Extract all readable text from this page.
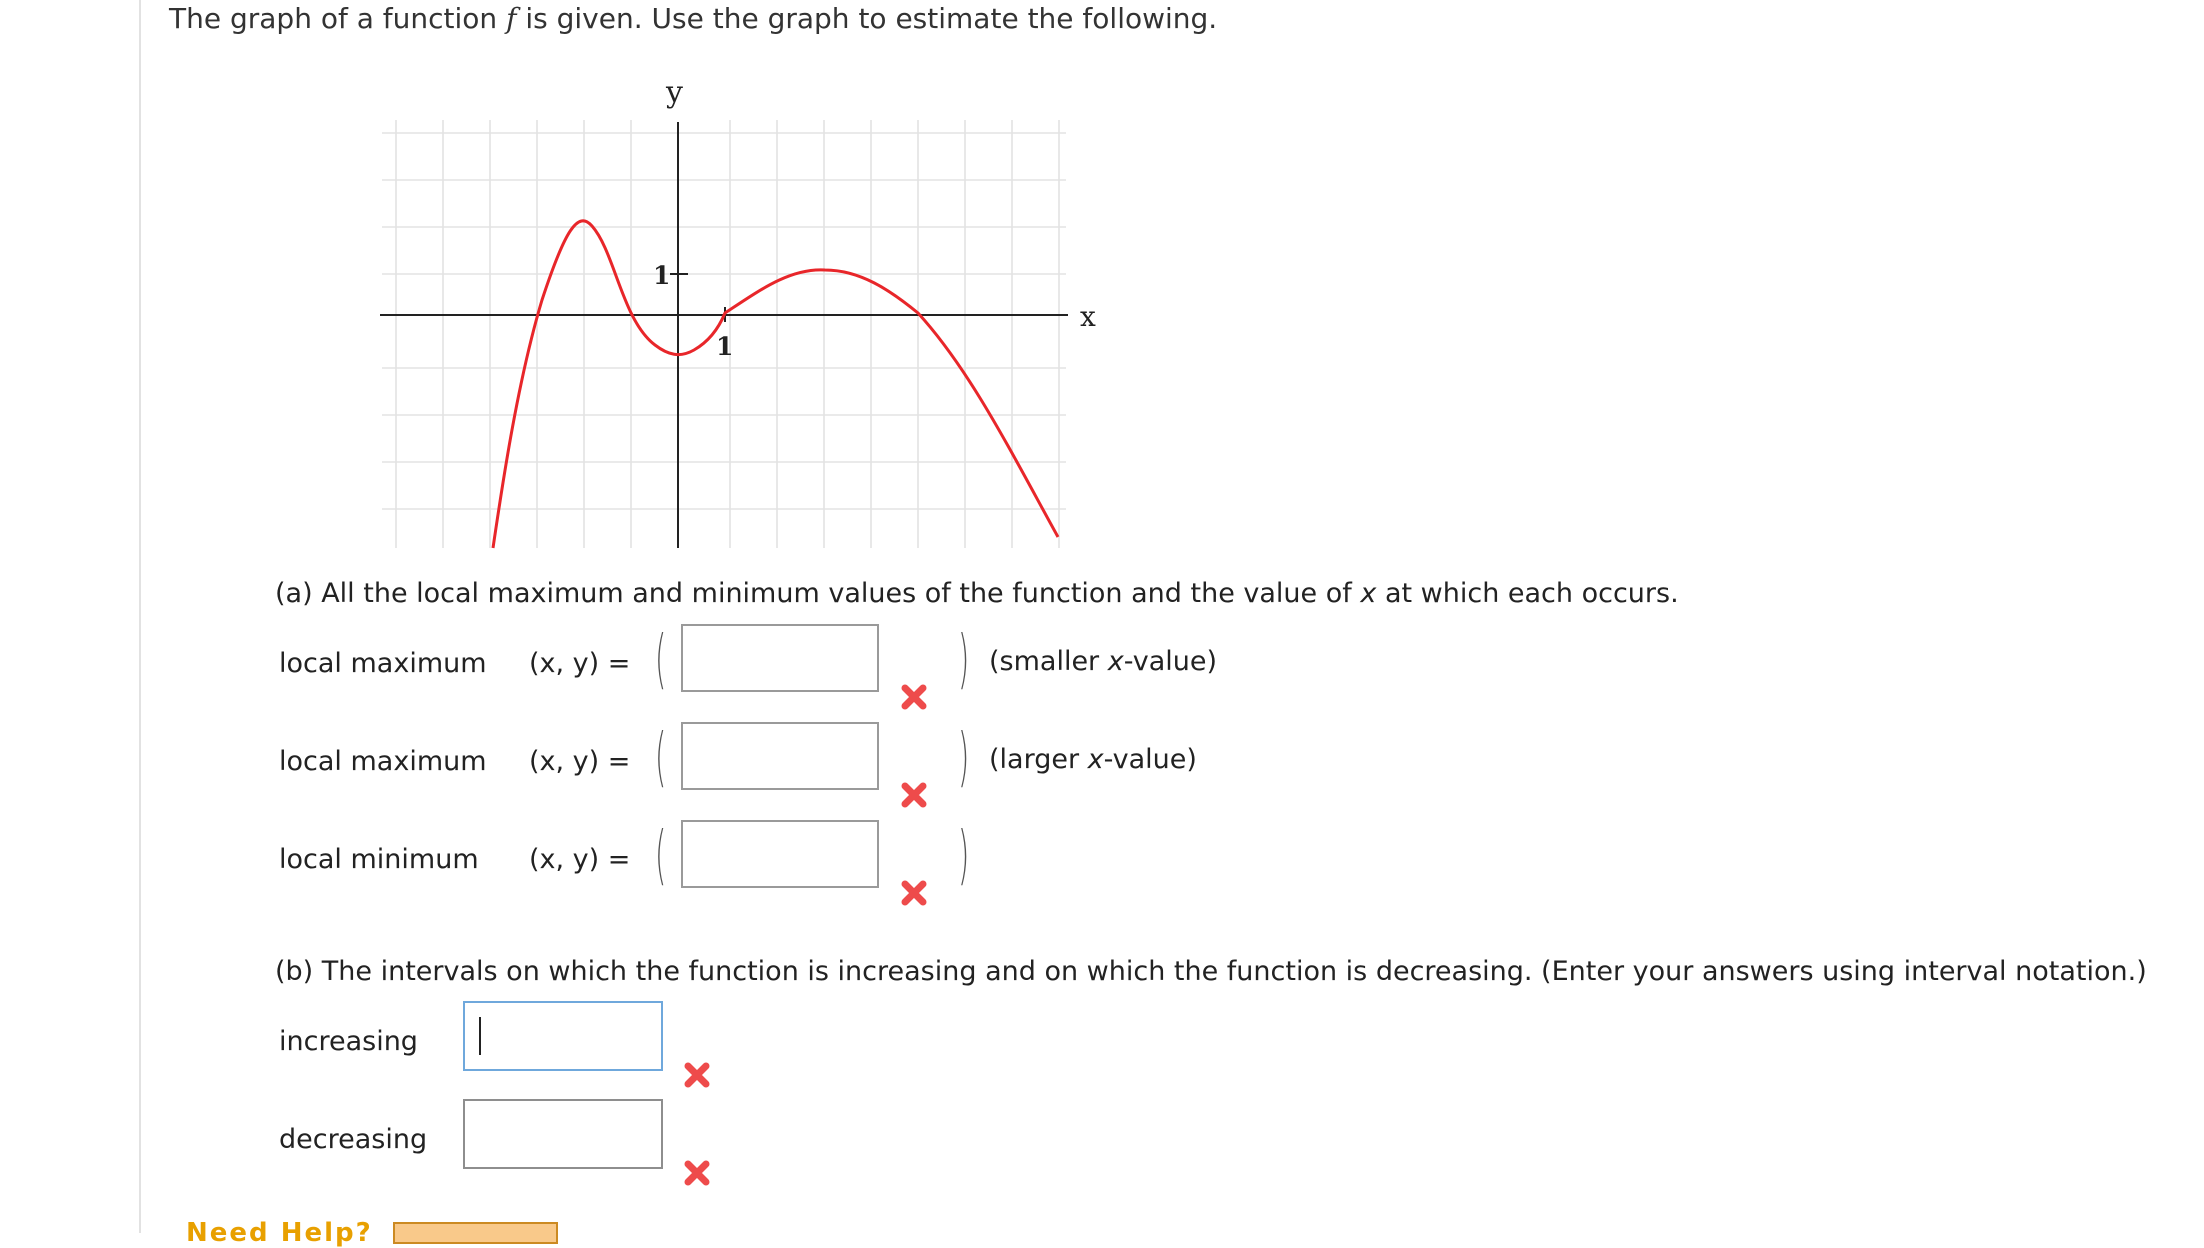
The graph of a function f is given. Use the graph to estimate the following.
y
x
1
1
(a) All the local maximum and minimum values of the function and the value of x at which each occurs.
local maximum (x, y) = (	) (smaller x-value)
local maximum (x, y) = (	) (larger x-value)
local minimum (x, y) = (	)
(b) The intervals on which the function is increasing and on which the function is decreasing. (Enter your answers using interval notation.)
increasing
decreasing
Need Help?
